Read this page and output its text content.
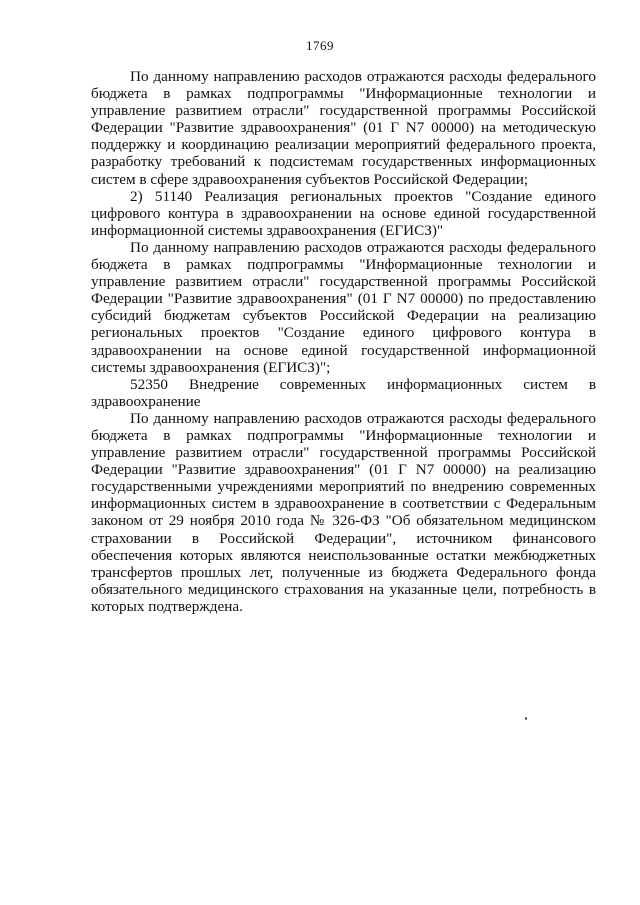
1769

По данному направлению расходов отражаются расходы федерального бюджета в рамках подпрограммы "Информационные технологии и управление развитием отрасли" государственной программы Российской Федерации "Развитие здравоохранения" (01 Г N7 00000) на методическую поддержку и координацию реализации мероприятий федерального проекта, разработку требований к подсистемам государственных информационных систем в сфере здравоохранения субъектов Российской Федерации;

2) 51140 Реализация региональных проектов "Создание единого цифрового контура в здравоохранении на основе единой государственной информационной системы здравоохранения (ЕГИСЗ)"

По данному направлению расходов отражаются расходы федерального бюджета в рамках подпрограммы "Информационные технологии и управление развитием отрасли" государственной программы Российской Федерации "Развитие здравоохранения" (01 Г N7 00000) по предоставлению субсидий бюджетам субъектов Российской Федерации на реализацию региональных проектов "Создание единого цифрового контура в здравоохранении на основе единой государственной информационной системы здравоохранения (ЕГИСЗ)";

52350 Внедрение современных информационных систем в здравоохранение

По данному направлению расходов отражаются расходы федерального бюджета в рамках подпрограммы "Информационные технологии и управление развитием отрасли" государственной программы Российской Федерации "Развитие здравоохранения" (01 Г N7 00000) на реализацию государственными учреждениями мероприятий по внедрению современных информационных систем в здравоохранение в соответствии с Федеральным законом от 29 ноября 2010 года № 326-ФЗ "Об обязательном медицинском страховании в Российской Федерации", источником финансового обеспечения которых являются неиспользованные остатки межбюджетных трансфертов прошлых лет, полученные из бюджета Федерального фонда обязательного медицинского страхования на указанные цели, потребность в которых подтверждена.
